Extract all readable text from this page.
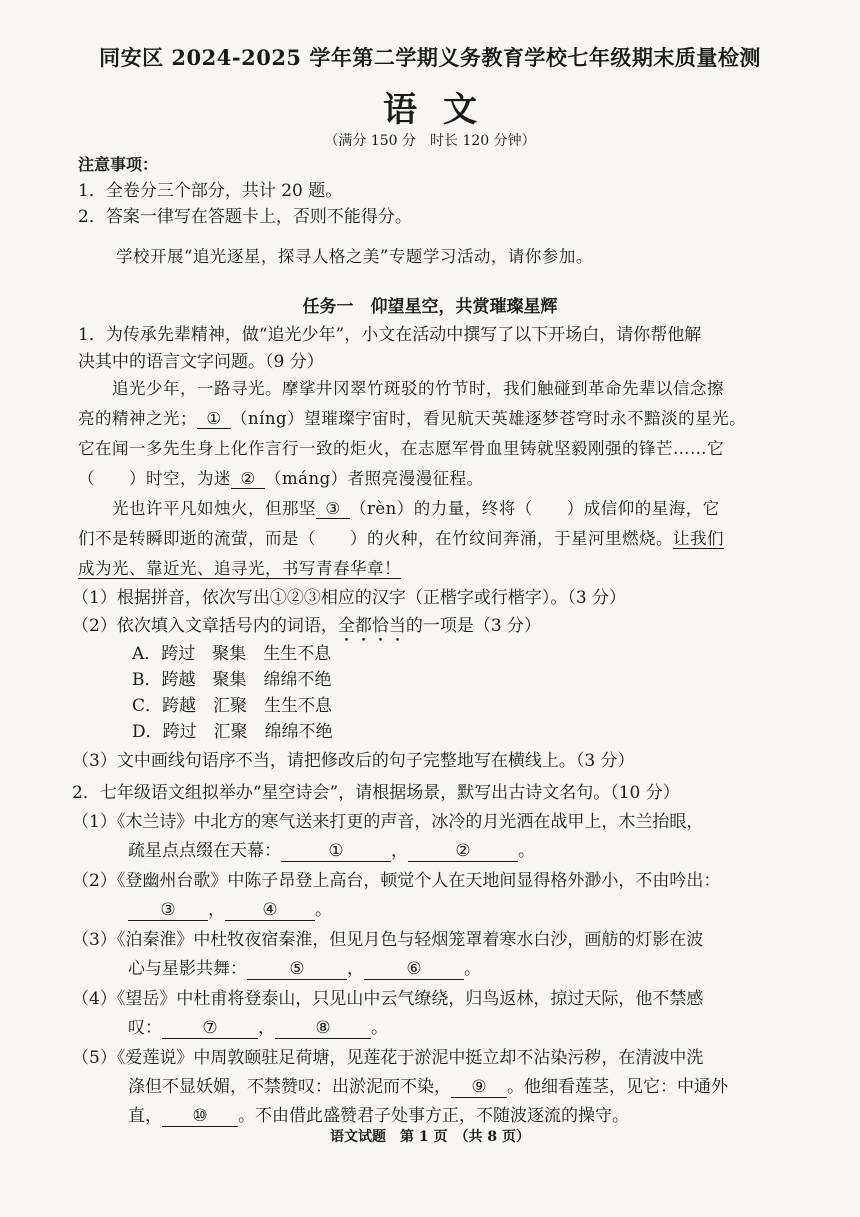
同安区 2024-2025 学年第二学期义务教育学校七年级期末质量检测
语文
（满分 150 分　时长 120 分钟）
注意事项：
1．全卷分三个部分，共计 20 题。
2．答案一律写在答题卡上，否则不能得分。
学校开展“追光逐星，探寻人格之美”专题学习活动，请你参加。
任务一　仰望星空，共赏璀璨星辉
1．为传承先辈精神，做“追光少年”，小文在活动中撰写了以下开场白，请你帮他解
决其中的语言文字问题。（9 分）
追光少年，一路寻光。摩挲井冈翠竹斑驳的竹节时，我们触碰到革命先辈以信念擦
亮的精神之光； ① （níng）望璀璨宇宙时，看见航天英雄逐梦苍穹时永不黯淡的星光。
它在闻一多先生身上化作言行一致的炬火，在志愿军骨血里铸就坚毅刚强的锋芒……它
（　　）时空，为迷 ② （máng）者照亮漫漫征程。
光也许平凡如烛火，但那坚 ③ （rèn）的力量，终将（　　）成信仰的星海，它
们不是转瞬即逝的流萤，而是（　　）的火种，在竹纹间奔涌，于星河里燃烧。让我们
成为光、靠近光、追寻光，书写青春华章！
（1）根据拼音，依次写出①②③相应的汉字（正楷字或行楷字）。（3 分）
（2）依次填入文章括号内的词语，全都恰当的一项是（3 分）
A．跨过　聚集　生生不息
B．跨越　聚集　绵绵不绝
C．跨越　汇聚　生生不息
D．跨过　汇聚　绵绵不绝
（3）文中画线句语序不当，请把修改后的句子完整地写在横线上。（3 分）
2．七年级语文组拟举办“星空诗会”，请根据场景，默写出古诗文名句。（10 分）
（1）《木兰诗》中北方的寒气送来打更的声音，冰冷的月光洒在战甲上，木兰抬眼，
疏星点点缀在天幕：	①	，	②	。
（2）《登幽州台歌》中陈子昂登上高台，顿觉个人在天地间显得格外渺小，不由吟出：
③ ， ④ 。
（3）《泊秦淮》中杜牧夜宿秦淮，但见月色与轻烟笼罩着寒水白沙，画舫的灯影在波
心与星影共舞： ⑤ ， ⑥ 。
（4）《望岳》中杜甫将登泰山，只见山中云气缭绕，归鸟返林，掠过天际，他不禁感
叹： ⑦ ， ⑧ 。
（5）《爱莲说》中周敦颐驻足荷塘，见莲花于淤泥中挺立却不沾染污秽，在清波中洗
涤但不显妖媚，不禁赞叹：出淤泥而不染， ⑨ 。他细看莲茎，见它：中通外
直， ⑩ 。不由借此盛赞君子处事方正，不随波逐流的操守。
语文试题　第 1 页　（共 8 页）
